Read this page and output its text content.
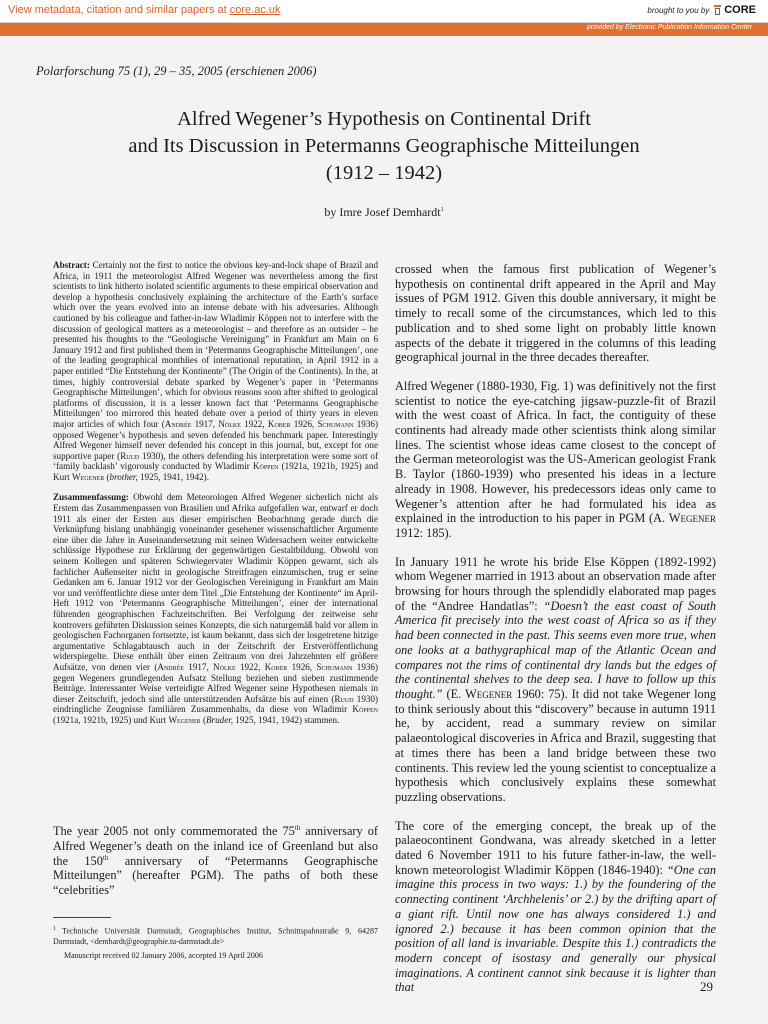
View metadata, citation and similar papers at core.ac.uk	brought to you by CORE
provided by Electronic Publication Information Center
Polarforschung 75 (1), 29 – 35, 2005 (erschienen 2006)
Alfred Wegener’s Hypothesis on Continental Drift
and Its Discussion in Petermanns Geographische Mitteilungen
(1912 – 1942)
by Imre Josef Demhardt$^1$

Abstract: Certainly not the first to notice the obvious key-and-lock shape of Brazil and Africa, in 1911 the meteorologist Alfred Wegener was nevertheless among the first scientists to link hitherto isolated scientific arguments to these empirical observation and develop a hypothesis conclusively explaining the architecture of the Earth’s surface which over the years evolved into an intense debate with his adversaries. Although cautioned by his colleague and father-in-law Wladimir Köppen not to interfere with the discussion of geological matters as a meteorologist – and therefore as an outsider – he presented his thoughts to the “Geologische Vereinigung” in Frankfurt am Main on 6 January 1912 and first published them in ‘Petermanns Geographische Mitteilungen’, one of the leading geographical monthlies of international reputation, in April 1912 in a paper entitled “Die Entstehung der Kontinente” (The Origin of the Continents). In the, at times, highly controversial debate sparked by Wegener’s paper in ‘Petermanns Geographische Mitteilungen’, which for obvious reasons soon after shifted to geological platforms of discussion, it is a lesser known fact that ‘Petermanns Geographische Mitteilungen’ too mirrored this heated debate over a period of thirty years in eleven major articles of which four (Andrée 1917, Nölke 1922, Kober 1926, Schumann 1936) opposed Wegener’s hypothesis and seven defended his benchmark paper. Interestingly Alfred Wegener himself never defended his concept in this journal, but, except for one supportive paper (Ruud 1930), the others defending his interpretation were some sort of ‘family backlash’ vigorously conducted by Wladimir Köppen (1921a, 1921b, 1925) and Kurt Wegener (brother, 1925, 1941, 1942).

Zusammenfassung: Obwohl dem Meteorologen Alfred Wegener sicherlich nicht als Erstem das Zusammenpassen von Brasilien und Afrika aufgefallen war, entwarf er doch 1911 als einer der Ersten aus dieser empirischen Beobachtung gerade durch die Verknüpfung bislang unabhängig voneinander gesehener wissenschaftlicher Argumente eine über die Jahre in Auseinandersetzung mit seinen Widersachern weiter entwickelte schlüssige Hypothese zur Erklärung der gegenwärtigen Gestaltbildung. Obwohl von seinem Kollegen und späteren Schwiegervater Wladimir Köppen gewarnt, sich als fachlicher Außenseiter nicht in geologische Streitfragen einzumischen, trug er seine Gedanken am 6. Januar 1912 vor der Geologischen Vereinigung in Frankfurt am Main vor und veröffentlichte diese unter dem Titel „Die Entstehung der Kontinente“ im April-Heft 1912 von ‘Petermanns Geographische Mitteilungen’, einer der international führenden geographischen Fachzeitschriften. Bei Verfolgung der zeitweise sehr kontrovers geführten Diskussion seines Konzepts, die sich naturgemäß bald vor allem in geologischen Fachorganen fortsetzte, ist kaum bekannt, dass sich der losgetretene hitzige argumentative Schlagabtausch auch in der Zeitschrift der Erstveröffentlichung widerspiegelte. Diese enthält über einen Zeitraum von drei Jahrzehnten elf größere Aufsätze, von denen vier (Andrée 1917, Nölke 1922, Kober 1926, Schumann 1936) gegen Wegeners grundlegenden Aufsatz Stellung beziehen und sieben zustimmende Beiträge. Interessanter Weise verteidigte Alfred Wegener seine Hypothesen niemals in dieser Zeitschrift, jedoch sind alle unterstützenden Aufsätze bis auf einen (Ruud 1930) eindringliche Zeugnisse familiären Zusammenhalts, da diese von Wladimir Köppen (1921a, 1921b, 1925) und Kurt Wegener (Bruder, 1925, 1941, 1942) stammen.

The year 2005 not only commemorated the 75th anniversary of Alfred Wegener’s death on the inland ice of Greenland but also the 150th anniversary of “Petermanns Geographische Mitteilungen” (hereafter PGM). The paths of both these “celebrities”
$^1$ Technische Universität Darmstadt, Geographisches Institut, Schnittspahnstraße 9, 64287 Darmstadt, <demhardt@geographie.tu-darmstadt.de>
Manuscript received 02 January 2006, accepted 19 April 2006

crossed when the famous first publication of Wegener’s hypothesis on continental drift appeared in the April and May issues of PGM 1912. Given this double anniversary, it might be timely to recall some of the circumstances, which led to this publication and to shed some light on probably little known aspects of the debate it triggered in the columns of this leading geographical journal in the three decades thereafter.

Alfred Wegener (1880-1930, Fig. 1) was definitively not the first scientist to notice the eye-catching jigsaw-puzzle-fit of Brazil with the west coast of Africa. In fact, the contiguity of these continents had already made other scientists think along similar lines. The scientist whose ideas came closest to the concept of the German meteorologist was the US-American geologist Frank B. Taylor (1860-1939) who presented his ideas in a lecture already in 1908. However, his predecessors ideas only came to Wegener’s attention after he had formulated his idea as explained in the introduction to his paper in PGM (A. Wegener 1912: 185).

In January 1911 he wrote his bride Else Köppen (1892-1992) whom Wegener married in 1913 about an observation made after browsing for hours through the splendidly elaborated map pages of the “Andree Handatlas”: “Doesn’t the east coast of South America fit precisely into the west coast of Africa so as if they had been connected in the past. This seems even more true, when one looks at a bathygraphical map of the Atlantic Ocean and compares not the rims of continental dry lands but the edges of the continental shelves to the deep sea. I have to follow up this thought.” (E. Wegener 1960: 75). It did not take Wegener long to think seriously about this “discovery” because in autumn 1911 he, by accident, read a summary review on similar palaeontological discoveries in Africa and Brazil, suggesting that at times there has been a land bridge between these two continents. This review led the young scientist to conceptualize a hypothesis which conclusively explains these somewhat puzzling observations.

The core of the emerging concept, the break up of the palaeocontinent Gondwana, was already sketched in a letter dated 6 November 1911 to his future father-in-law, the well-known meteorologist Wladimir Köppen (1846-1940): “One can imagine this process in two ways: 1.) by the foundering of the connecting continent ‘Archhelenis’ or 2.) by the drifting apart of a giant rift. Until now one has always considered 1.) and ignored 2.) because it has been common opinion that the position of all land is invariable. Despite this 1.) contradicts the modern concept of isostasy and generally our physical imaginations. A continent cannot sink because it is lighter than that	29
